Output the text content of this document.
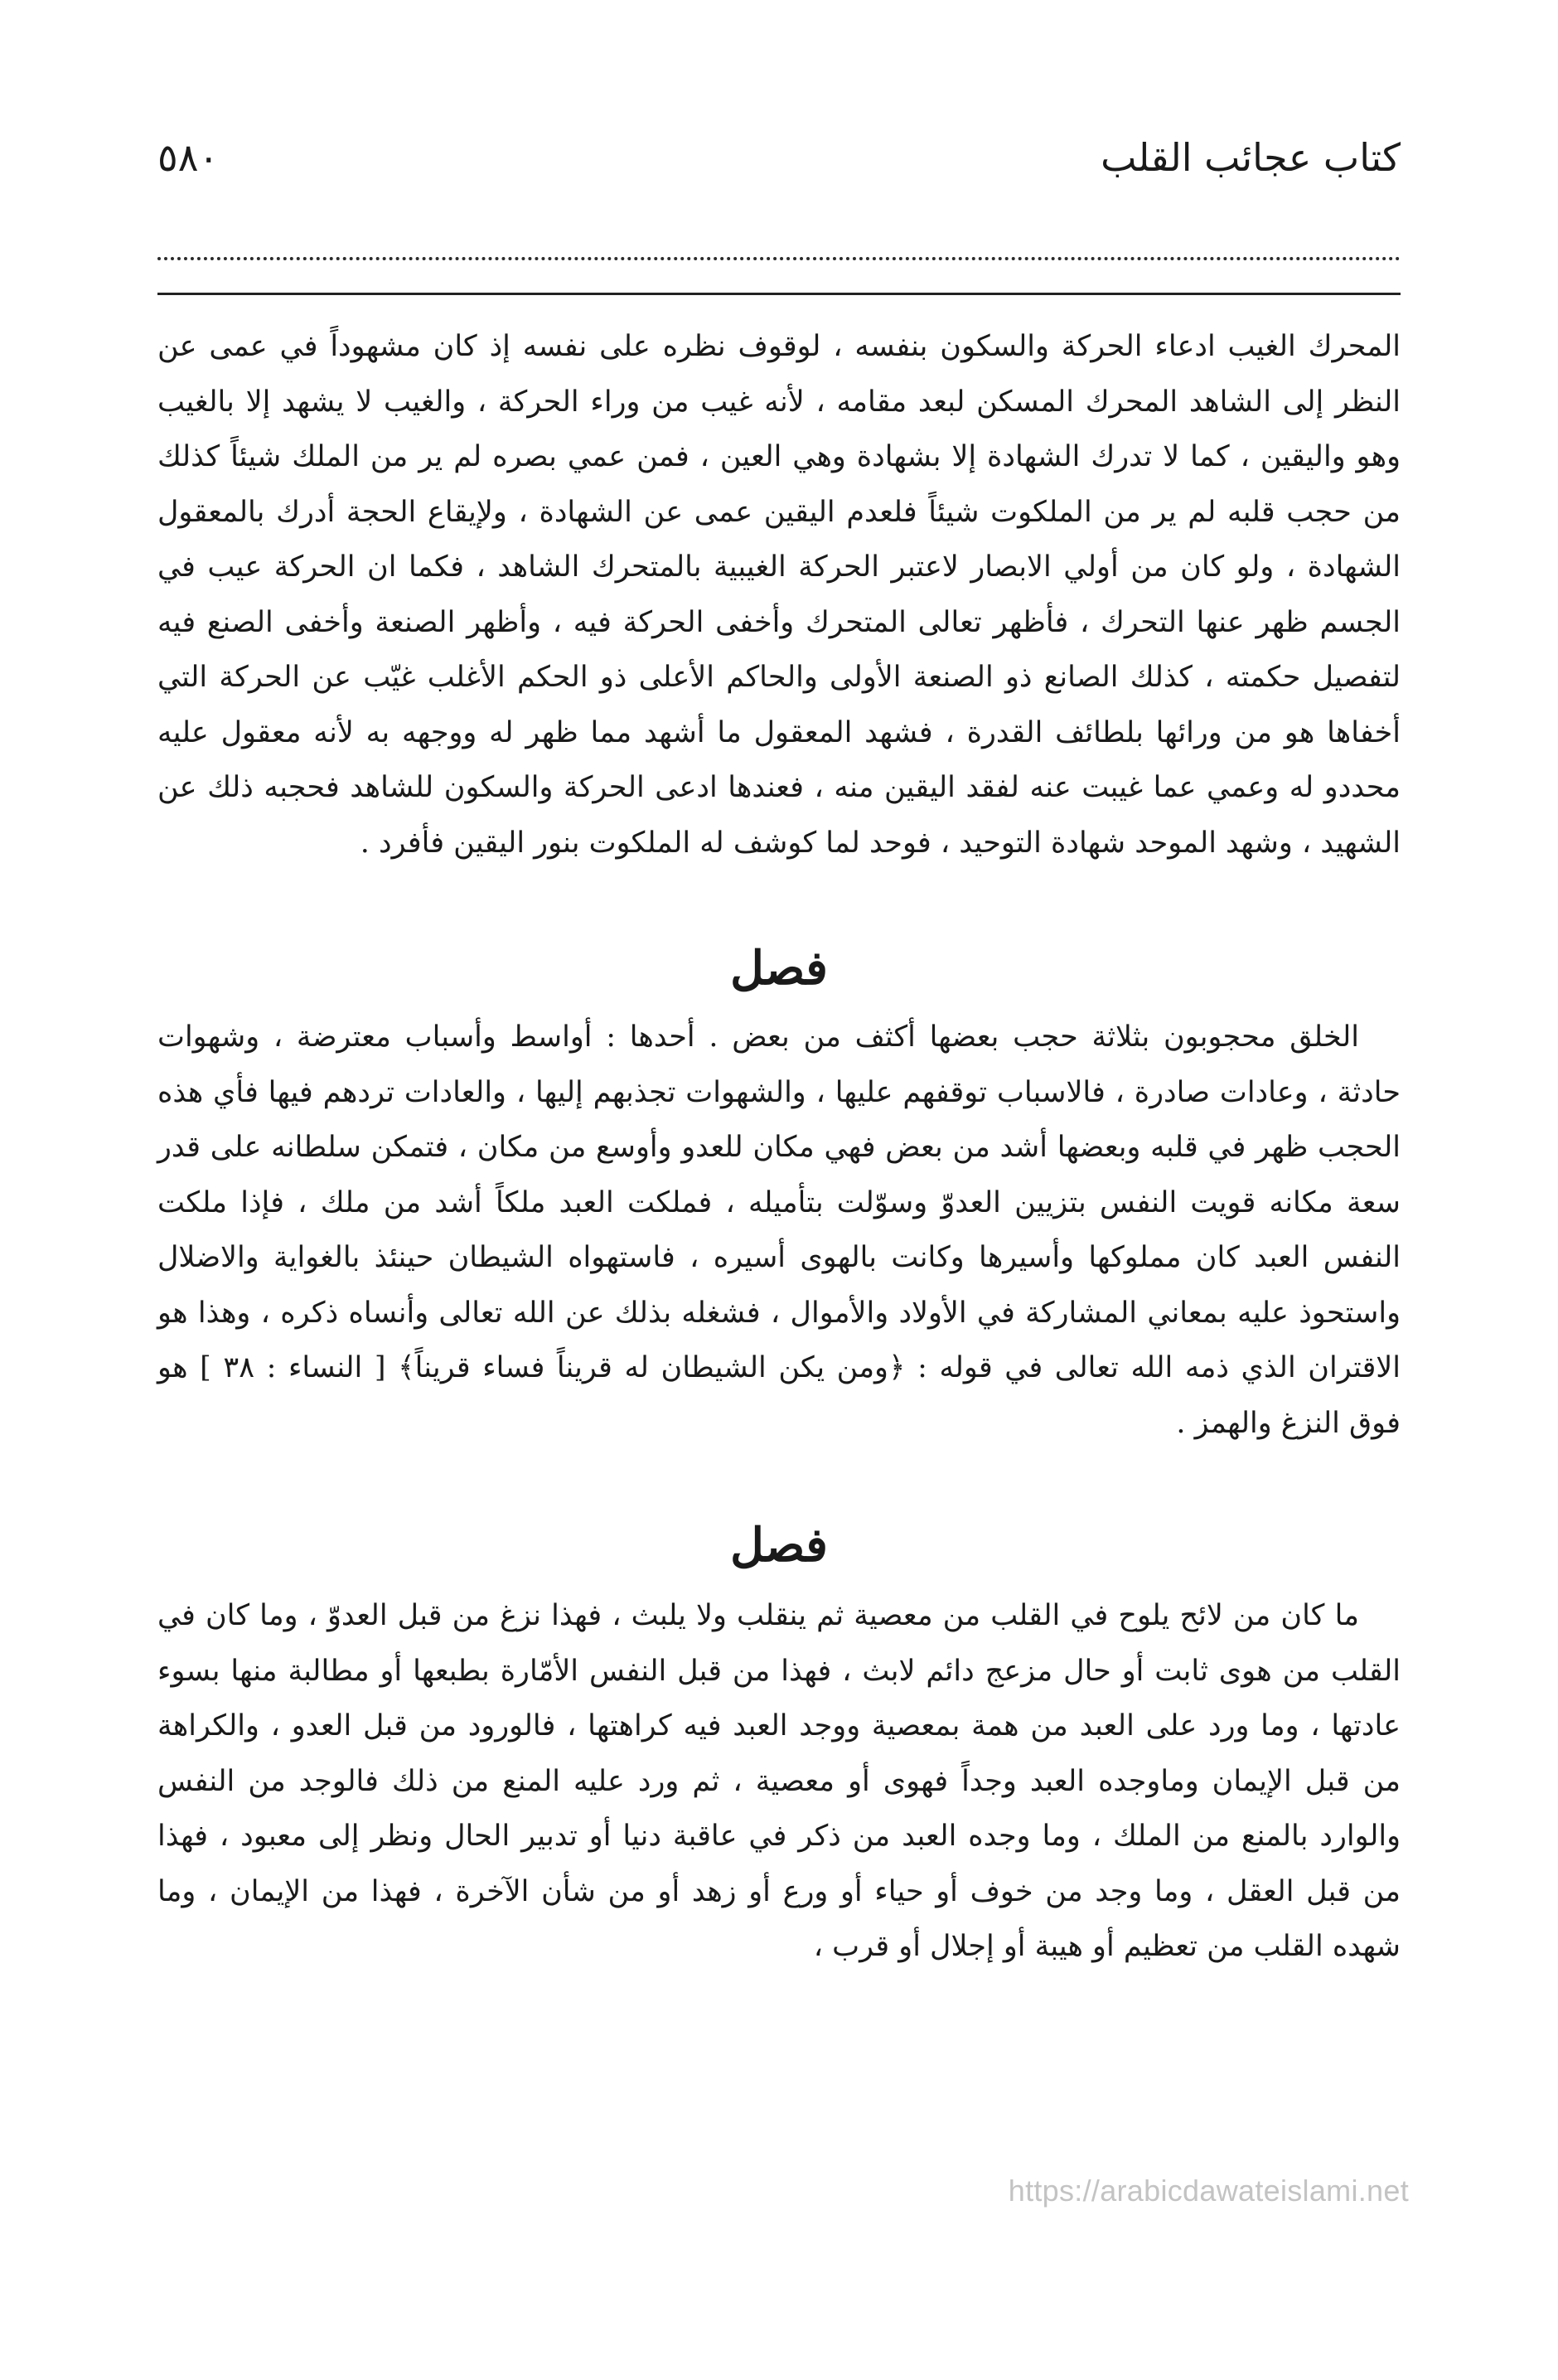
كتاب عجائب القلب
٥٨٠

المحرك الغيب ادعاء الحركة والسكون بنفسه ، لوقوف نظره على نفسه إذ كان مشهوداً في عمى عن النظر إلى الشاهد المحرك المسكن لبعد مقامه ، لأنه غيب من وراء الحركة ، والغيب لا يشهد إلا بالغيب وهو واليقين ، كما لا تدرك الشهادة إلا بشهادة وهي العين ، فمن عمي بصره لم ير من الملك شيئاً كذلك من حجب قلبه لم ير من الملكوت شيئاً فلعدم اليقين عمى عن الشهادة ، ولإيقاع الحجة أدرك بالمعقول الشهادة ، ولو كان من أولي الابصار لاعتبر الحركة الغيبية بالمتحرك الشاهد ، فكما ان الحركة عيب في الجسم ظهر عنها التحرك ، فأظهر تعالى المتحرك وأخفى الحركة فيه ، وأظهر الصنعة وأخفى الصنع فيه لتفصيل حكمته ، كذلك الصانع ذو الصنعة الأولى والحاكم الأعلى ذو الحكم الأغلب غيّب عن الحركة التي أخفاها هو من ورائها بلطائف القدرة ، فشهد المعقول ما أشهد مما ظهر له ووجهه به لأنه معقول عليه محددو له وعمي عما غيبت عنه لفقد اليقين منه ، فعندها ادعى الحركة والسكون للشاهد فحجبه ذلك عن الشهيد ، وشهد الموحد شهادة التوحيد ، فوحد لما كوشف له الملكوت بنور اليقين فأفرد .

فصل

الخلق محجوبون بثلاثة حجب بعضها أكثف من بعض . أحدها : أواسط وأسباب معترضة ، وشهوات حادثة ، وعادات صادرة ، فالاسباب توقفهم عليها ، والشهوات تجذبهم إليها ، والعادات تردهم فيها فأي هذه الحجب ظهر في قلبه وبعضها أشد من بعض فهي مكان للعدو وأوسع من مكان ، فتمكن سلطانه على قدر سعة مكانه قويت النفس بتزيين العدوّ وسوّلت بتأميله ، فملكت العبد ملكاً أشد من ملك ، فإذا ملكت النفس العبد كان مملوكها وأسيرها وكانت بالهوى أسيره ، فاستهواه الشيطان حينئذ بالغواية والاضلال واستحوذ عليه بمعاني المشاركة في الأولاد والأموال ، فشغله بذلك عن الله تعالى وأنساه ذكره ، وهذا هو الاقتران الذي ذمه الله تعالى في قوله : ﴿ومن يكن الشيطان له قريناً فساء قريناً﴾ [ النساء : ٣٨ ] هو فوق النزغ والهمز .

فصل

ما كان من لائح يلوح في القلب من معصية ثم ينقلب ولا يلبث ، فهذا نزغ من قبل العدوّ ، وما كان في القلب من هوى ثابت أو حال مزعج دائم لابث ، فهذا من قبل النفس الأمّارة بطبعها أو مطالبة منها بسوء عادتها ، وما ورد على العبد من همة بمعصية ووجد العبد فيه كراهتها ، فالورود من قبل العدو ، والكراهة من قبل الإيمان وماوجده العبد وجداً فهوى أو معصية ، ثم ورد عليه المنع من ذلك فالوجد من النفس والوارد بالمنع من الملك ، وما وجده العبد من ذكر في عاقبة دنيا أو تدبير الحال ونظر إلى معبود ، فهذا من قبل العقل ، وما وجد من خوف أو حياء أو ورع أو زهد أو من شأن الآخرة ، فهذا من الإيمان ، وما شهده القلب من تعظيم أو هيبة أو إجلال أو قرب ،

https://arabicdawateislami.net
